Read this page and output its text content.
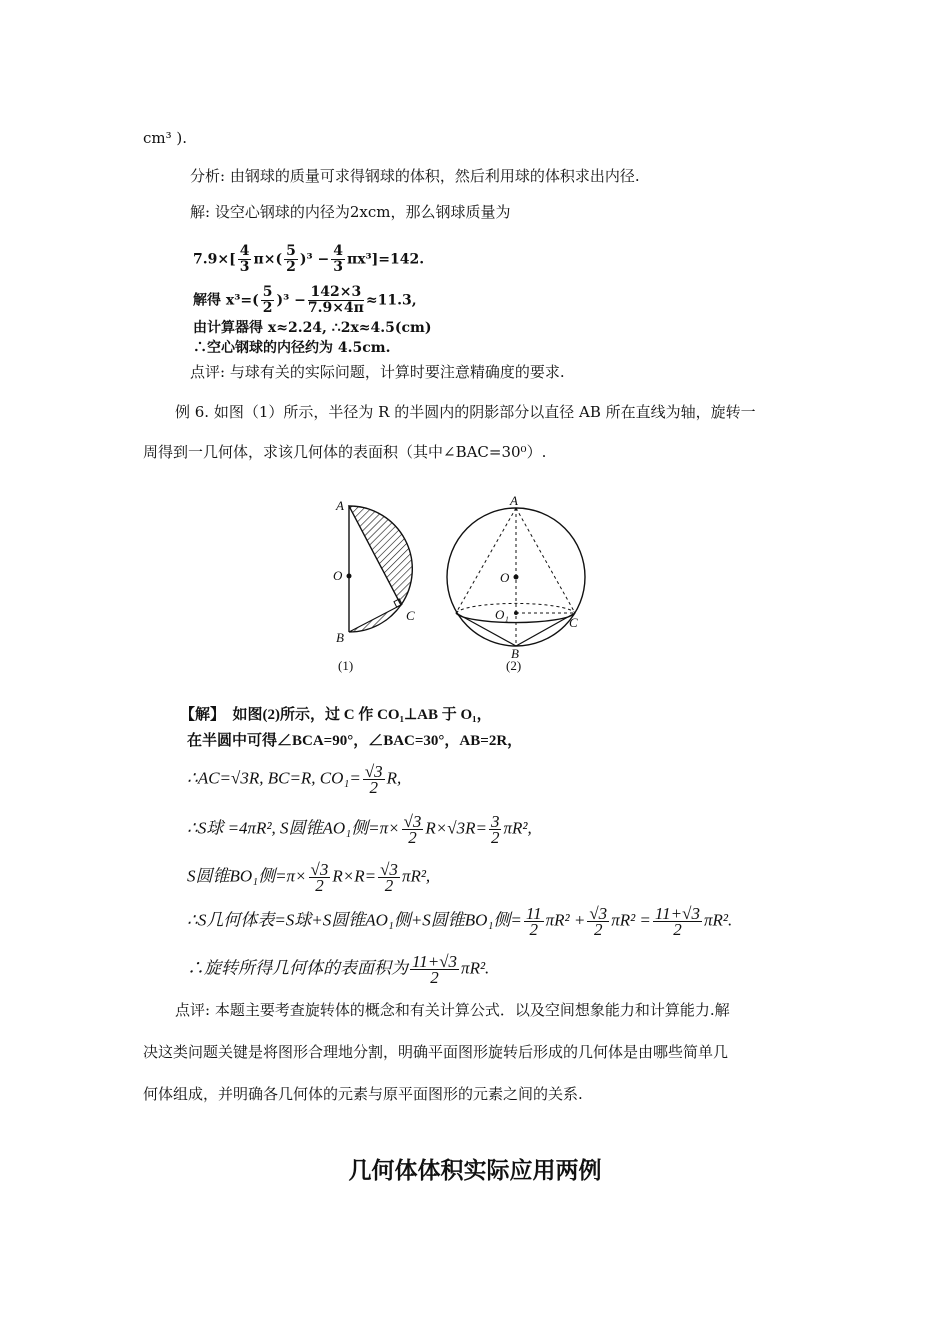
cm³ ).
分析: 由钢球的质量可求得钢球的体积，然后利用球的体积求出内径.
解: 设空心钢球的内径为2xcm，那么钢球质量为
$7.9\times[ \frac{4}{3} \pi\times( \frac{5}{2} )^3 - \frac{4}{3} \pi x^3]=142$.
解得 $x^3=( \frac{5}{2} )^3 - \frac{142\times 3}{7.9\times 4\pi} \approx 11.3$,
由计算器得 x≈2.24, ∴2x≈4.5(cm)
∴空心钢球的内径约为 4.5cm.
点评: 与球有关的实际问题，计算时要注意精确度的要求.
例 6. 如图（1）所示，半径为 R 的半圆内的阴影部分以直径 AB 所在直线为轴，旋转一
周得到一几何体，求该几何体的表面积（其中∠BAC=30⁰）.
A
O
B
C
(1)
A
O
O₁
C
B
(2)
【解】 如图(2)所示，过 C 作 CO₁⊥AB 于 O₁，
在半圆中可得∠BCA=90°，∠BAC=30°，AB=2R，
∴AC=√3R, BC=R, $CO_1= \frac{√3}{2} R$,
∴S球 =4πR², S圆锥AO₁侧$=\pi\times \frac{√3}{2} R\times√3R= \frac{3}{2} \pi R^2$,
S圆锥BO₁侧$=\pi\times \frac{√3}{2} R\times R= \frac{√3}{2} \pi R^2$,
∴S几何体表=S球+S圆锥AO₁侧+S圆锥BO₁侧= $\frac{11}{2} \pi R^2 + \frac{√3}{2} \pi R^2 = \frac{11+√3}{2} \pi R^2$.
∴旋转所得几何体的表面积为 $\frac{11+√3}{2} \pi R^2$.
点评: 本题主要考查旋转体的概念和有关计算公式．以及空间想象能力和计算能力.解
决这类问题关键是将图形合理地分割，明确平面图形旋转后形成的几何体是由哪些简单几
何体组成，并明确各几何体的元素与原平面图形的元素之间的关系.
几何体体积实际应用两例
